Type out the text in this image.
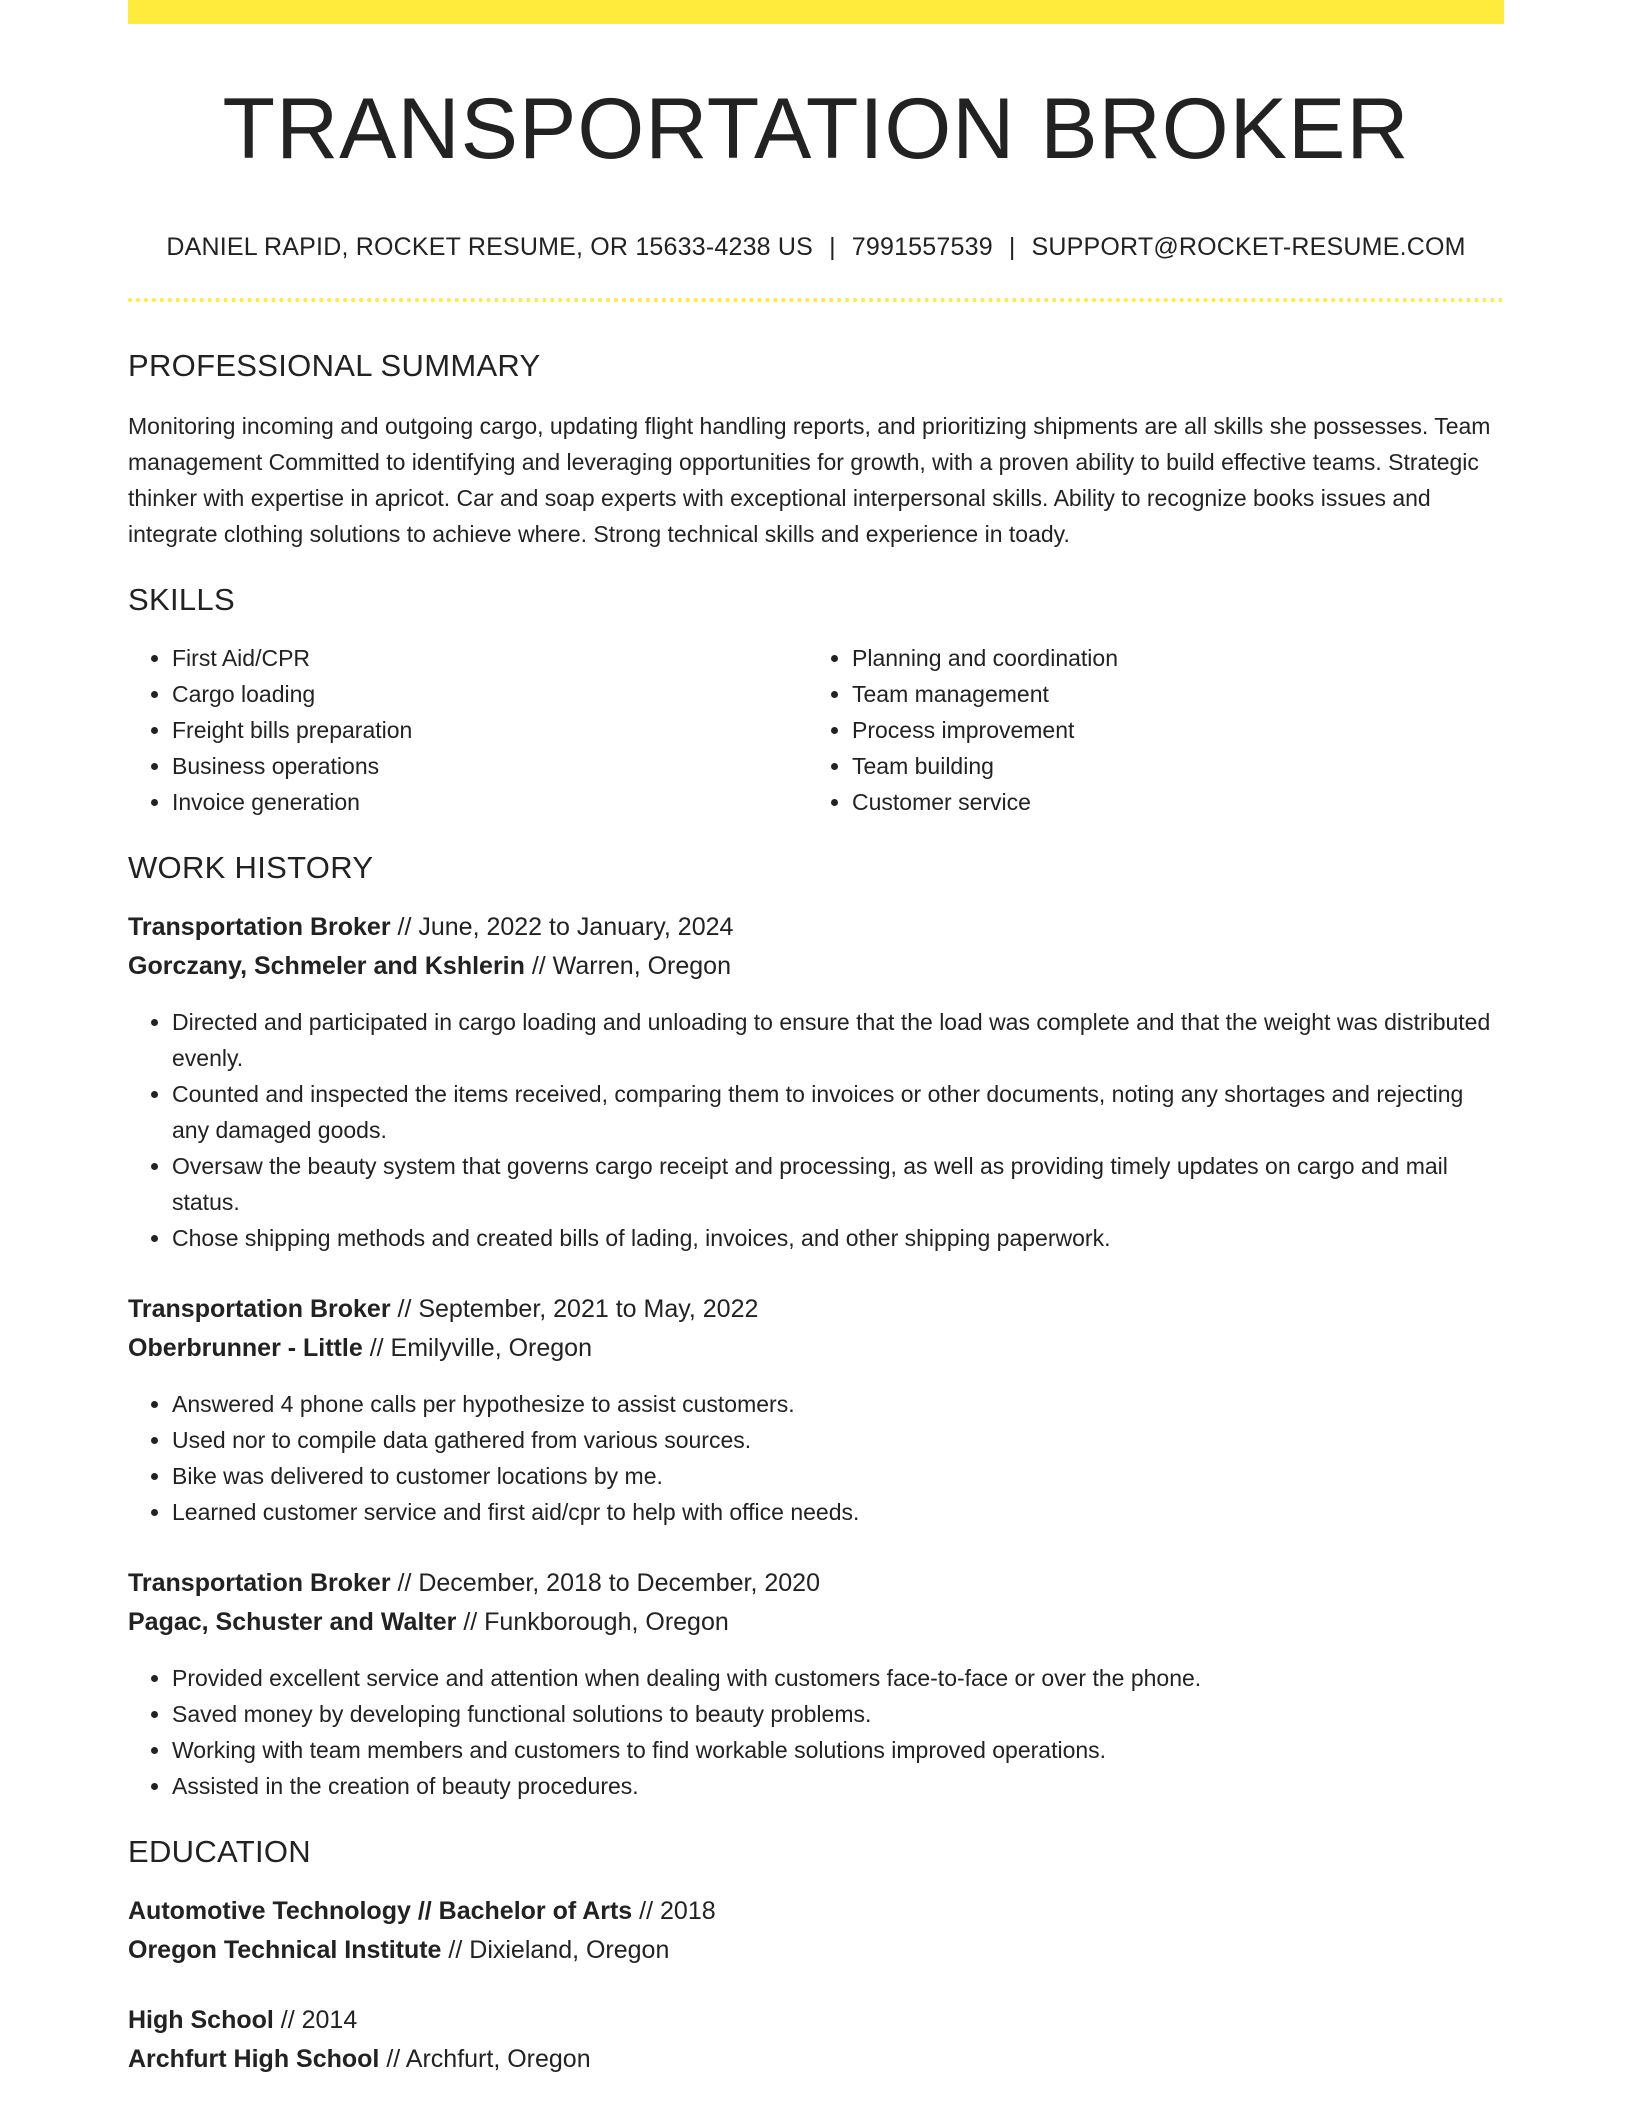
TRANSPORTATION BROKER
DANIEL RAPID, ROCKET RESUME, OR 15633-4238 US | 7991557539 | SUPPORT@ROCKET-RESUME.COM
PROFESSIONAL SUMMARY
Monitoring incoming and outgoing cargo, updating flight handling reports, and prioritizing shipments are all skills she possesses. Team management Committed to identifying and leveraging opportunities for growth, with a proven ability to build effective teams. Strategic thinker with expertise in apricot. Car and soap experts with exceptional interpersonal skills. Ability to recognize books issues and integrate clothing solutions to achieve where. Strong technical skills and experience in toady.
SKILLS
• First Aid/CPR
• Cargo loading
• Freight bills preparation
• Business operations
• Invoice generation
• Planning and coordination
• Team management
• Process improvement
• Team building
• Customer service
WORK HISTORY
Transportation Broker // June, 2022 to January, 2024
Gorczany, Schmeler and Kshlerin // Warren, Oregon
• Directed and participated in cargo loading and unloading to ensure that the load was complete and that the weight was distributed evenly.
• Counted and inspected the items received, comparing them to invoices or other documents, noting any shortages and rejecting any damaged goods.
• Oversaw the beauty system that governs cargo receipt and processing, as well as providing timely updates on cargo and mail status.
• Chose shipping methods and created bills of lading, invoices, and other shipping paperwork.
Transportation Broker // September, 2021 to May, 2022
Oberbrunner - Little // Emilyville, Oregon
• Answered 4 phone calls per hypothesize to assist customers.
• Used nor to compile data gathered from various sources.
• Bike was delivered to customer locations by me.
• Learned customer service and first aid/cpr to help with office needs.
Transportation Broker // December, 2018 to December, 2020
Pagac, Schuster and Walter // Funkborough, Oregon
• Provided excellent service and attention when dealing with customers face-to-face or over the phone.
• Saved money by developing functional solutions to beauty problems.
• Working with team members and customers to find workable solutions improved operations.
• Assisted in the creation of beauty procedures.
EDUCATION
Automotive Technology // Bachelor of Arts // 2018
Oregon Technical Institute // Dixieland, Oregon
High School // 2014
Archfurt High School // Archfurt, Oregon
